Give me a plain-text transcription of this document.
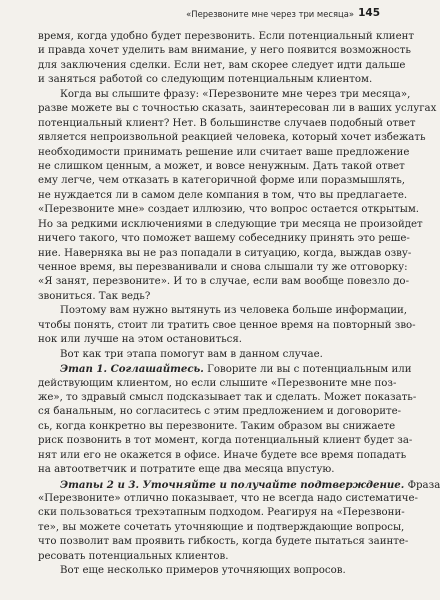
«Перезвоните мне через три месяца» 145
время, когда удобно будет перезвонить. Если потенциальный клиент
и правда хочет уделить вам внимание, у него появится возможность
для заключения сделки. Если нет, вам скорее следует идти дальше
и заняться работой со следующим потенциальным клиентом.
Когда вы слышите фразу: «Перезвоните мне через три месяца»,
разве можете вы с точностью сказать, заинтересован ли в ваших услугах
потенциальный клиент? Нет. В большинстве случаев подобный ответ
является непроизвольной реакцией человека, который хочет избежать
необходимости принимать решение или считает ваше предложение
не слишком ценным, а может, и вовсе ненужным. Дать такой ответ
ему легче, чем отказать в категоричной форме или поразмышлять,
не нуждается ли в самом деле компания в том, что вы предлагаете.
«Перезвоните мне» создает иллюзию, что вопрос остается открытым.
Но за редкими исключениями в следующие три месяца не произойдет
ничего такого, что поможет вашему собеседнику принять это реше-
ние. Наверняка вы не раз попадали в ситуацию, когда, выждав озву-
ченное время, вы перезванивали и снова слышали ту же отговорку:
«Я занят, перезвоните». И то в случае, если вам вообще повезло до-
звониться. Так ведь?
Поэтому вам нужно вытянуть из человека больше информации,
чтобы понять, стоит ли тратить свое ценное время на повторный зво-
нок или лучше на этом остановиться.
Вот как три этапа помогут вам в данном случае.
Этап 1. Соглашайтесь. Говорите ли вы с потенциальным или
действующим клиентом, но если слышите «Перезвоните мне поз-
же», то здравый смысл подсказывает так и сделать. Может показать-
ся банальным, но согласитесь с этим предложением и договорите-
сь, когда конкретно вы перезвоните. Таким образом вы снижаете
риск позвонить в тот момент, когда потенциальный клиент будет за-
нят или его не окажется в офисе. Иначе будете все время попадать
на автоответчик и потратите еще два месяца впустую.
Этапы 2 и 3. Уточняйте и получайте подтверждение. Фраза
«Перезвоните» отлично показывает, что не всегда надо систематиче-
ски пользоваться трехэтапным подходом. Реагируя на «Перезвони-
те», вы можете сочетать уточняющие и подтверждающие вопросы,
что позволит вам проявить гибкость, когда будете пытаться заинте-
ресовать потенциальных клиентов.
Вот еще несколько примеров уточняющих вопросов.
